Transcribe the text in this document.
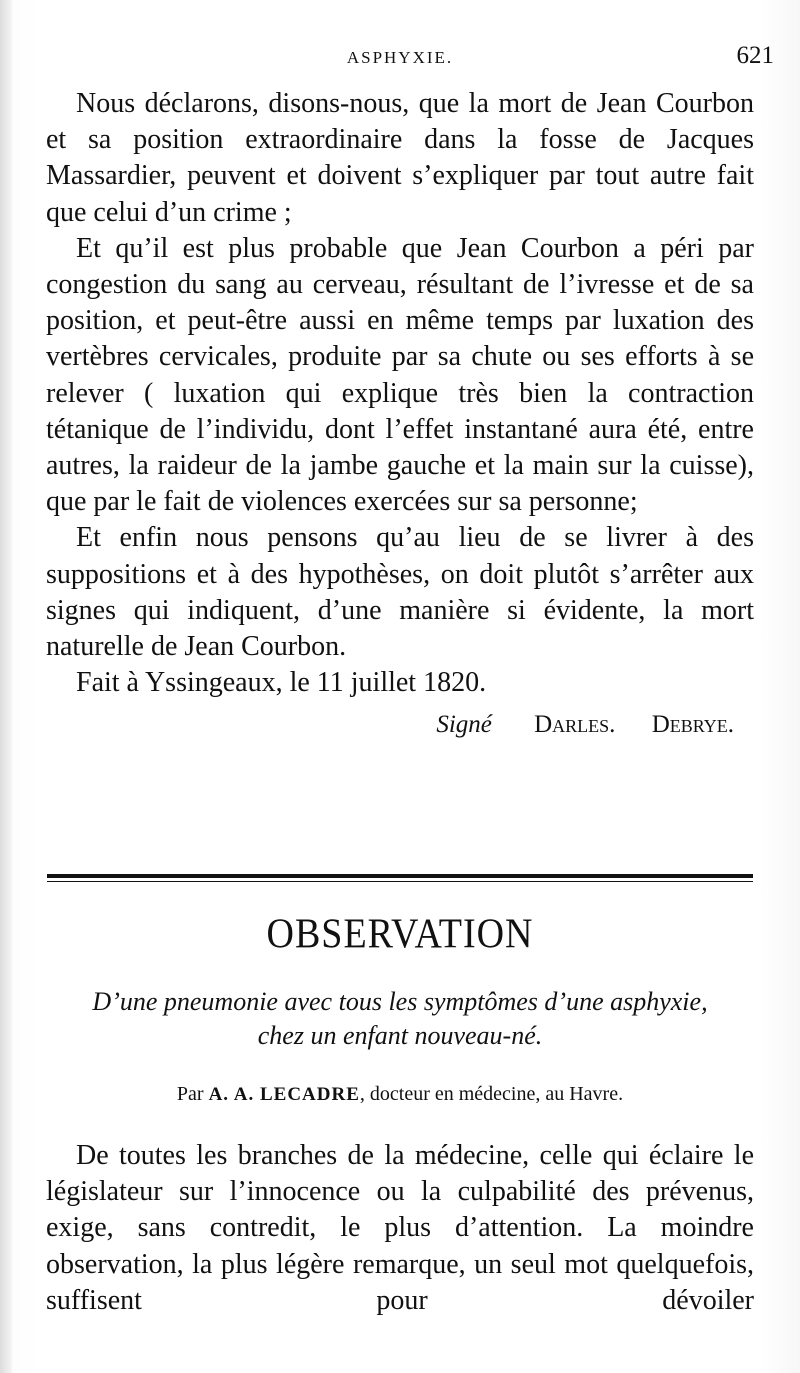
ASPHYXIE.	621

Nous déclarons, disons-nous, que la mort de Jean Courbon et sa position extraordinaire dans la fosse de Jacques Massardier, peuvent et doivent s’expliquer par tout autre fait que celui d’un crime ;

Et qu’il est plus probable que Jean Courbon a péri par congestion du sang au cerveau, résultant de l’ivresse et de sa position, et peut-être aussi en même temps par luxation des vertèbres cervicales, produite par sa chute ou ses efforts à se relever ( luxation qui explique très bien la contraction tétanique de l’individu, dont l’effet instantané aura été, entre autres, la raideur de la jambe gauche et la main sur la cuisse), que par le fait de violences exercées sur sa personne;

Et enfin nous pensons qu’au lieu de se livrer à des suppositions et à des hypothèses, on doit plutôt s’arrêter aux signes qui indiquent, d’une manière si évidente, la mort naturelle de Jean Courbon.

Fait à Yssingeaux, le 11 juillet 1820.

Signé Darles. Debrye.
OBSERVATION
D’une pneumonie avec tous les symptômes d’une asphyxie,
chez un enfant nouveau-né.
Par A. A. LECADRE, docteur en médecine, au Havre.

De toutes les branches de la médecine, celle qui éclaire le législateur sur l’innocence ou la culpabilité des prévenus, exige, sans contredit, le plus d’attention. La moindre observation, la plus légère remarque, un seul mot quelquefois, suffisent pour dévoiler
